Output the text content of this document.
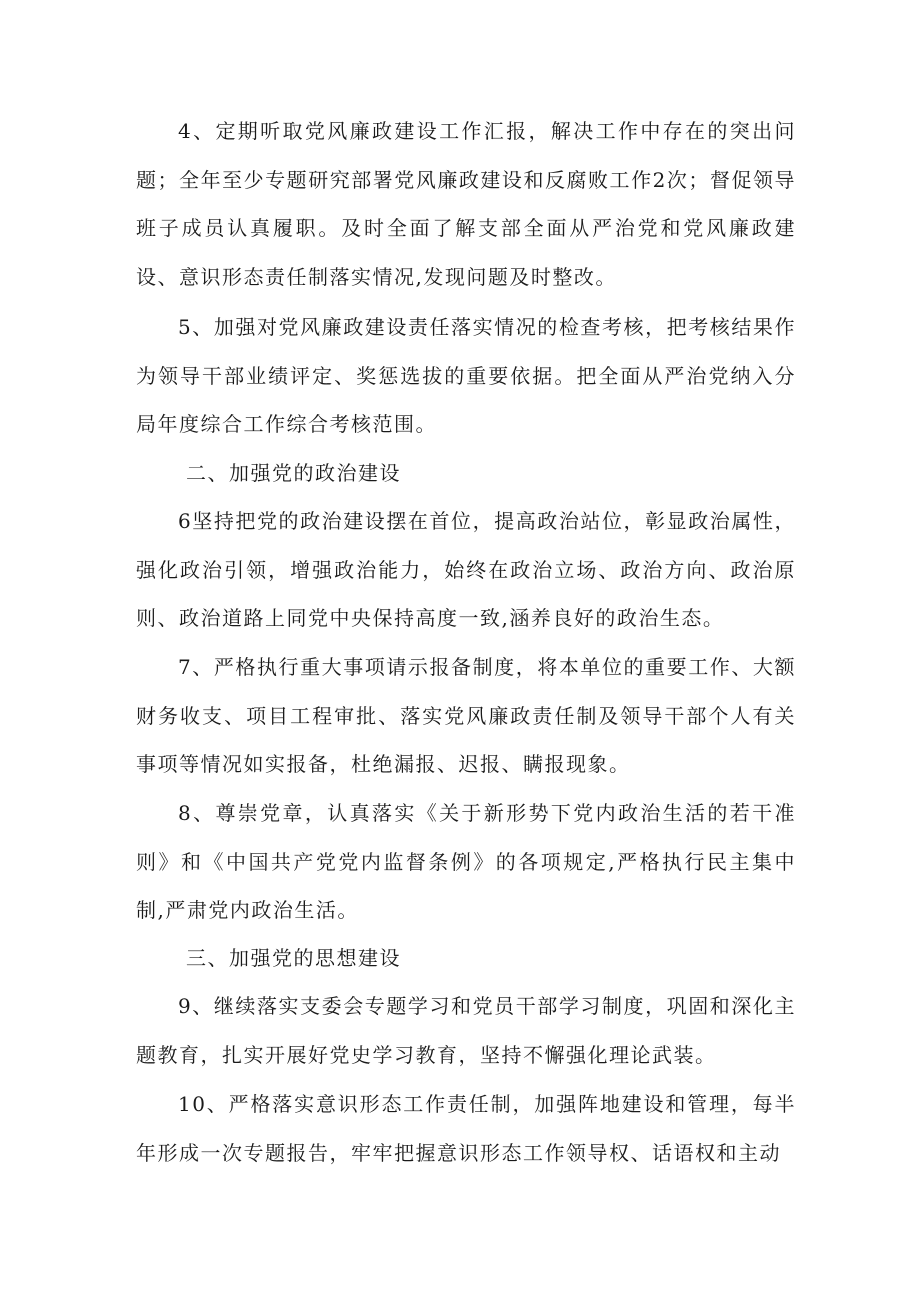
4、定期听取党风廉政建设工作汇报，解决工作中存在的突出问题；全年至少专题研究部署党风廉政建设和反腐败工作2次；督促领导班子成员认真履职。及时全面了解支部全面从严治党和党风廉政建设、意识形态责任制落实情况,发现问题及时整改。

5、加强对党风廉政建设责任落实情况的检查考核，把考核结果作为领导干部业绩评定、奖惩选拔的重要依据。把全面从严治党纳入分局年度综合工作综合考核范围。

二、加强党的政治建设

6坚持把党的政治建设摆在首位，提高政治站位，彰显政治属性，强化政治引领，增强政治能力，始终在政治立场、政治方向、政治原则、政治道路上同党中央保持高度一致,涵养良好的政治生态。

7、严格执行重大事项请示报备制度，将本单位的重要工作、大额财务收支、项目工程审批、落实党风廉政责任制及领导干部个人有关事项等情况如实报备，杜绝漏报、迟报、瞒报现象。

8、尊崇党章，认真落实《关于新形势下党内政治生活的若干准则》和《中国共产党党内监督条例》的各项规定,严格执行民主集中制,严肃党内政治生活。

三、加强党的思想建设

9、继续落实支委会专题学习和党员干部学习制度，巩固和深化主题教育，扎实开展好党史学习教育，坚持不懈强化理论武装。

10、严格落实意识形态工作责任制，加强阵地建设和管理，每半年形成一次专题报告，牢牢把握意识形态工作领导权、话语权和主动
